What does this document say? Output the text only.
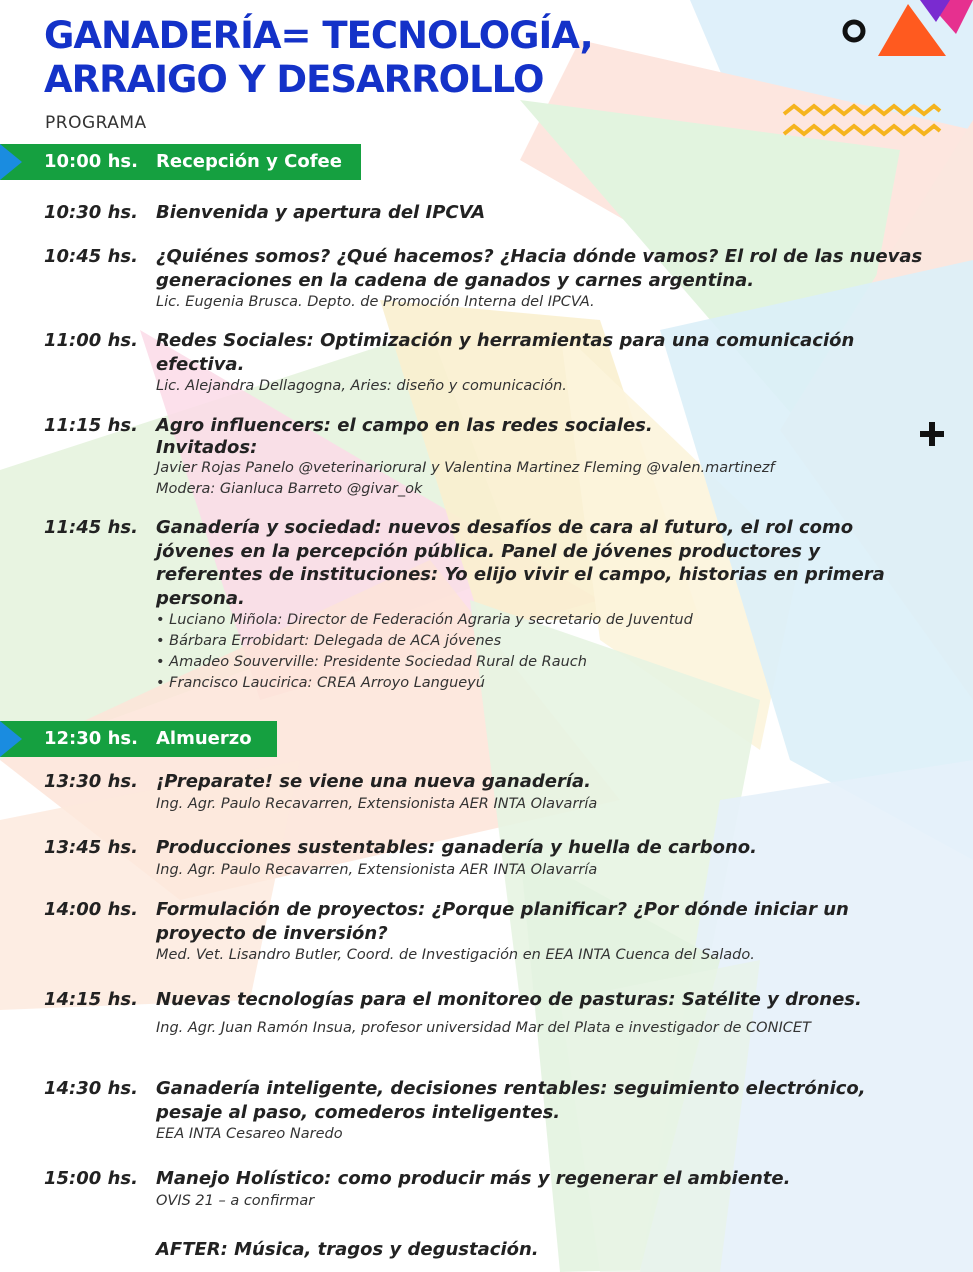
GANADERÍA= TECNOLOGÍA,
ARRAIGO Y DESARROLLO
PROGRAMA
10:00 hs. Recepción y Cofee
10:30 hs. Bienvenida y apertura del IPCVA

10:45 hs. ¿Quiénes somos? ¿Qué hacemos? ¿Hacia dónde vamos? El rol de las nuevas generaciones en la cadena de ganados y carnes argentina.

Lic. Eugenia Brusca. Depto. de Promoción Interna del IPCVA.

11:00 hs. Redes Sociales: Optimización y herramientas para una comunicación efectiva.

Lic. Alejandra Dellagogna, Aries: diseño y comunicación.

11:15 hs. Agro influencers: el campo en las redes sociales.

Invitados:

Javier Rojas Panelo @veterinarioruraI y Valentina Martinez Fleming @valen.martinezf

Modera: Gianluca Barreto @givar_ok

11:45 hs. Ganadería y sociedad: nuevos desafíos de cara al futuro, el rol como jóvenes en la percepción pública. Panel de jóvenes productores y referentes de instituciones: Yo elijo vivir el campo, historias en primera persona.

• Luciano Miñola: Director de Federación Agraria y secretario de Juventud

• Bárbara Errobidart: Delegada de ACA jóvenes

• Amadeo Souverville: Presidente Sociedad Rural de Rauch

• Francisco Laucirica: CREA Arroyo Langueyú

12:30 hs. Almuerzo
13:30 hs. ¡Preparate! se viene una nueva ganadería.

Ing. Agr. Paulo Recavarren, Extensionista AER INTA Olavarría

13:45 hs. Producciones sustentables: ganadería y huella de carbono.

Ing. Agr. Paulo Recavarren, Extensionista AER INTA Olavarría

14:00 hs. Formulación de proyectos: ¿Porque planificar? ¿Por dónde iniciar un proyecto de inversión?

Med. Vet. Lisandro Butler, Coord. de Investigación en EEA INTA Cuenca del Salado.

14:15 hs. Nuevas tecnologías para el monitoreo de pasturas: Satélite y drones.

Ing. Agr. Juan Ramón Insua, profesor universidad Mar del Plata e investigador de CONICET

14:30 hs. Ganadería inteligente, decisiones rentables: seguimiento electrónico, pesaje al paso, comederos inteligentes.

EEA INTA Cesareo Naredo

15:00 hs. Manejo Holístico: como producir más y regenerar el ambiente.

OVIS 21 – a confirmar

AFTER: Música, tragos y degustación.
